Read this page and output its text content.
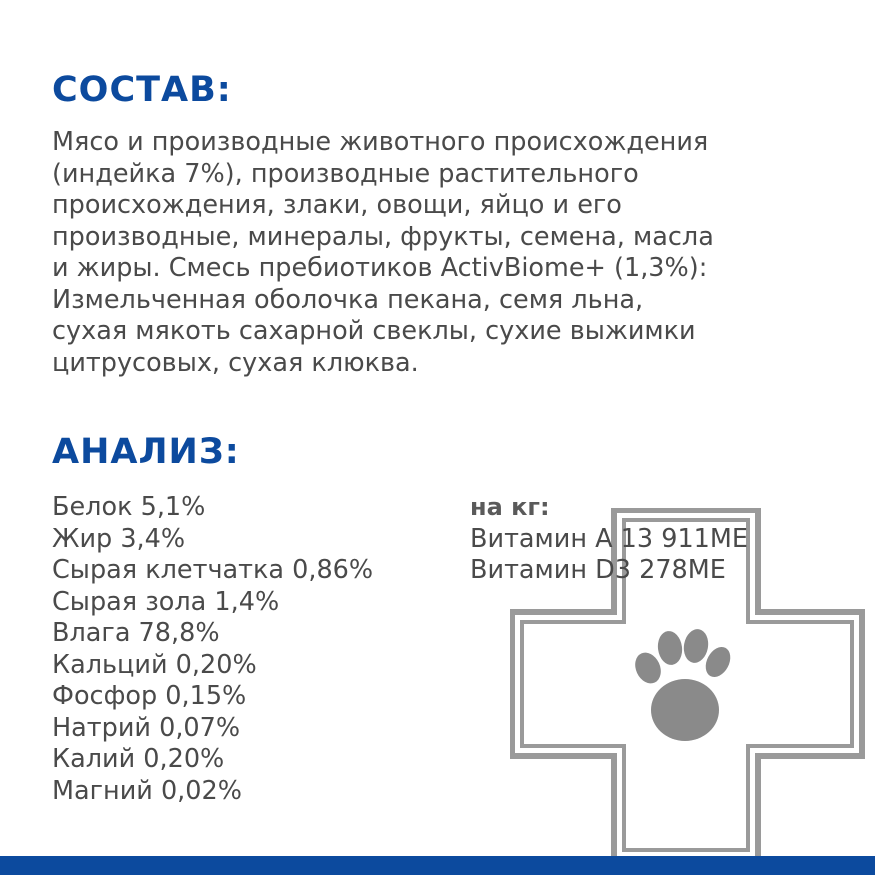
СОСТАВ:

Мясо и производные животного происхождения
(индейка 7%), производные растительного
происхождения, злаки, овощи, яйцо и его
производные, минералы, фрукты, семена, масла
и жиры. Смесь пребиотиков ActivBiome+ (1,3%):
Измельченная оболочка пекана, семя льна,
сухая мякоть сахарной свеклы, сухие выжимки
цитрусовых, сухая клюква.

АНАЛИЗ:
Белок 5,1%
Жир 3,4%
Сырая клетчатка 0,86%
Сырая зола 1,4%
Влага 78,8%
Кальций 0,20%
Фосфор 0,15%
Натрий 0,07%
Калий 0,20%
Магний 0,02%
на кг:
Витамин A 13 911ME
Витамин D3 278ME
